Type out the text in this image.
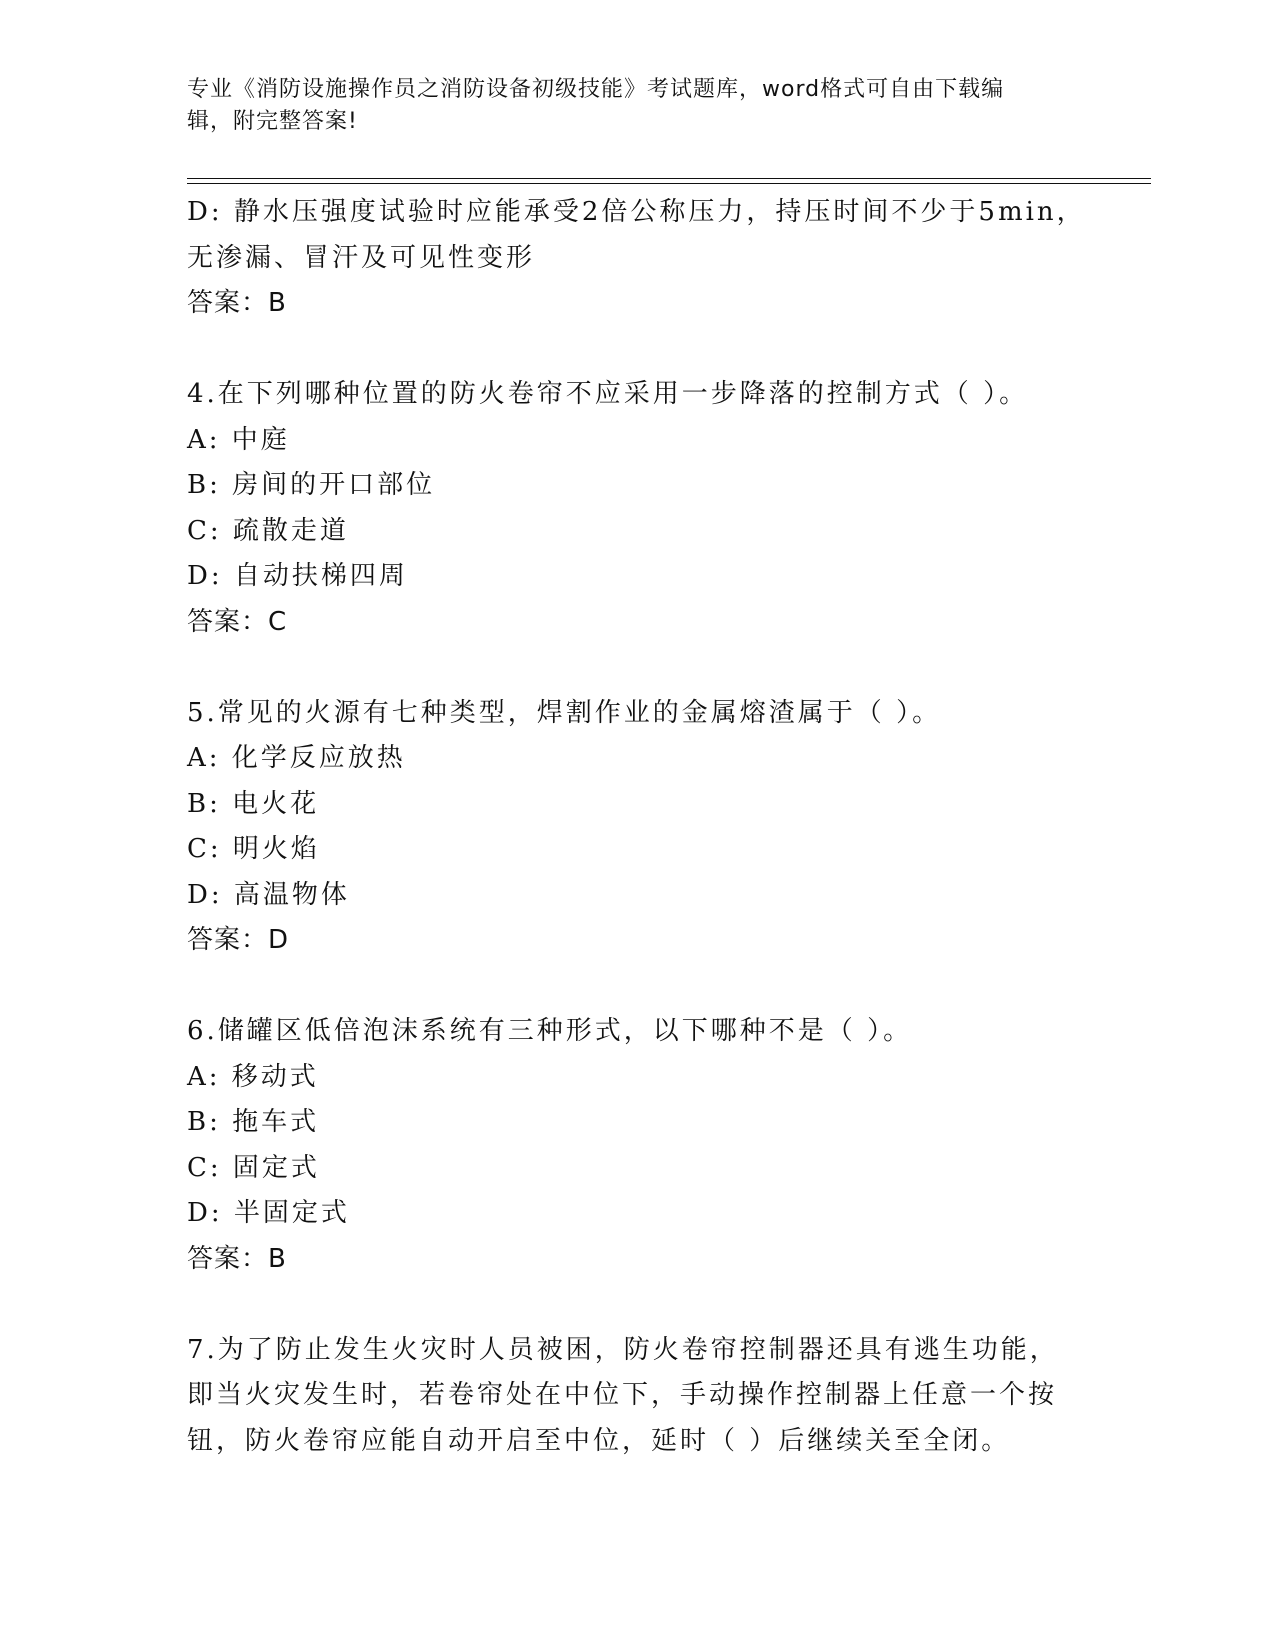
专业《消防设施操作员之消防设备初级技能》考试题库，word格式可自由下载编
辑，附完整答案!
D: 静水压强度试验时应能承受2倍公称压力，持压时间不少于5min，
无渗漏、冒汗及可见性变形
答案：B
4.在下列哪种位置的防火卷帘不应采用一步降落的控制方式（ ）。
A: 中庭
B: 房间的开口部位
C: 疏散走道
D: 自动扶梯四周
答案：C
5.常见的火源有七种类型，焊割作业的金属熔渣属于（ ）。
A: 化学反应放热
B: 电火花
C: 明火焰
D: 高温物体
答案：D
6.储罐区低倍泡沫系统有三种形式，以下哪种不是（ ）。
A: 移动式
B: 拖车式
C: 固定式
D: 半固定式
答案：B
7.为了防止发生火灾时人员被困，防火卷帘控制器还具有逃生功能，
即当火灾发生时，若卷帘处在中位下，手动操作控制器上任意一个按
钮，防火卷帘应能自动开启至中位，延时（ ）后继续关至全闭。
